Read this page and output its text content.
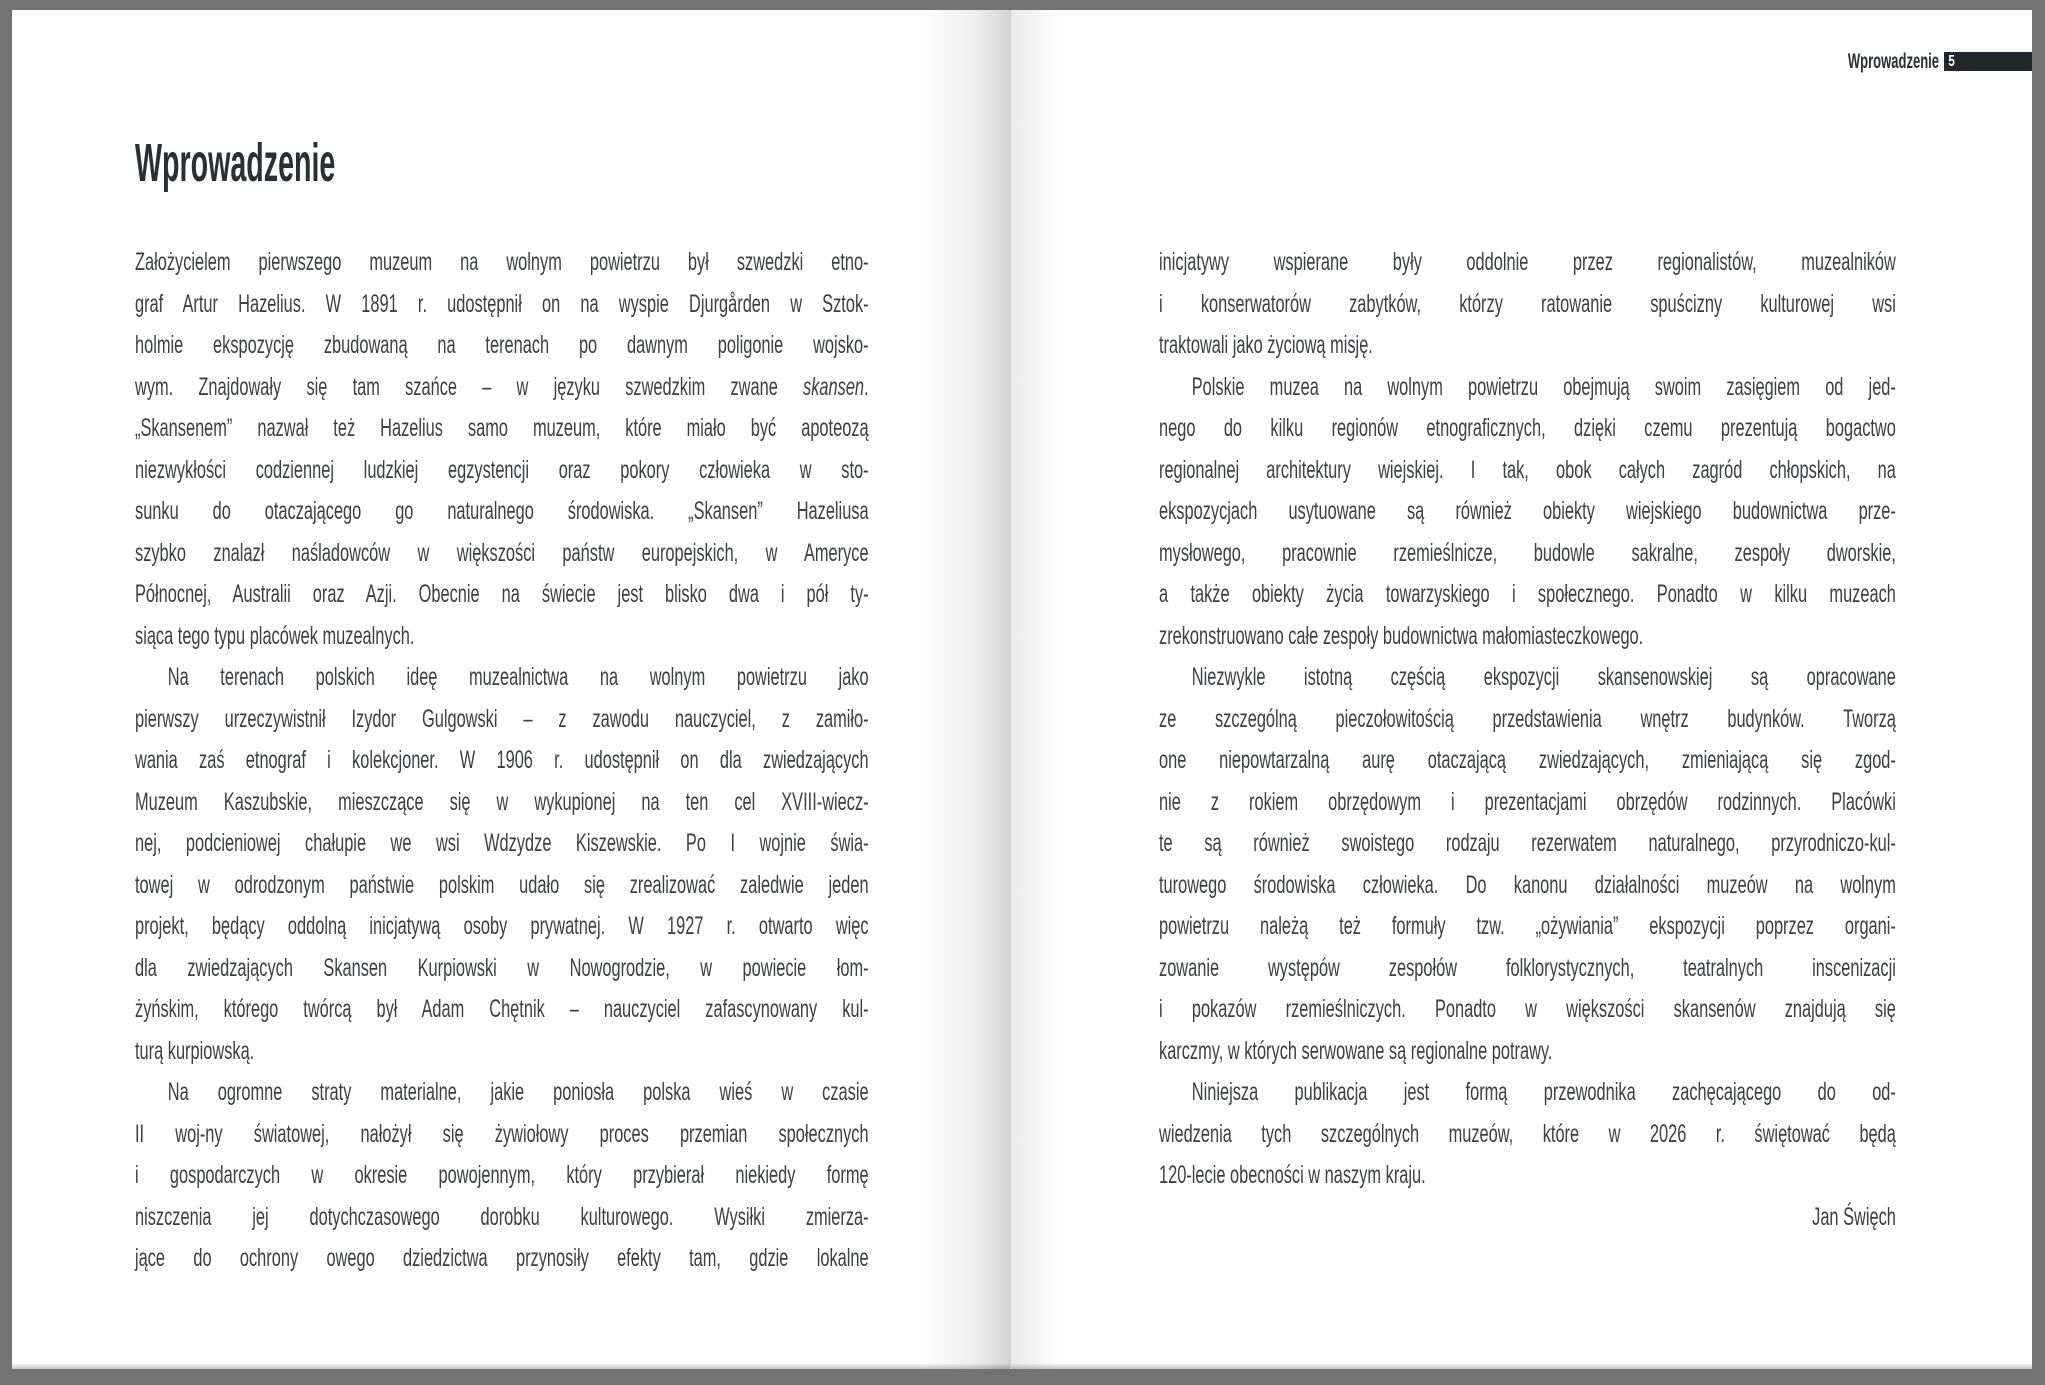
Wprowadzenie
Założycielem pierwszego muzeum na wolnym powietrzu był szwedzki etno-
graf Artur Hazelius. W 1891 r. udostępnił on na wyspie Djurgården w Sztok-
holmie ekspozycję zbudowaną na terenach po dawnym poligonie wojsko-
wym. Znajdowały się tam szańce – w języku szwedzkim zwane skansen.
„Skansenem” nazwał też Hazelius samo muzeum, które miało być apoteozą
niezwykłości codziennej ludzkiej egzystencji oraz pokory człowieka w sto-
sunku do otaczającego go naturalnego środowiska. „Skansen” Hazeliusa
szybko znalazł naśladowców w większości państw europejskich, w Ameryce
Północnej, Australii oraz Azji. Obecnie na świecie jest blisko dwa i pół ty-
siąca tego typu placówek muzealnych.
Na terenach polskich ideę muzealnictwa na wolnym powietrzu jako
pierwszy urzeczywistnił Izydor Gulgowski – z zawodu nauczyciel, z zamiło-
wania zaś etnograf i kolekcjoner. W 1906 r. udostępnił on dla zwiedzających
Muzeum Kaszubskie, mieszczące się w wykupionej na ten cel XVIII-wiecz-
nej, podcieniowej chałupie we wsi Wdzydze Kiszewskie. Po I wojnie świa-
towej w odrodzonym państwie polskim udało się zrealizować zaledwie jeden
projekt, będący oddolną inicjatywą osoby prywatnej. W 1927 r. otwarto więc
dla zwiedzających Skansen Kurpiowski w Nowogrodzie, w powiecie łom-
żyńskim, którego twórcą był Adam Chętnik – nauczyciel zafascynowany kul-
turą kurpiowską.
Na ogromne straty materialne, jakie poniosła polska wieś w czasie
II woj-ny światowej, nałożył się żywiołowy proces przemian społecznych
i gospodarczych w okresie powojennym, który przybierał niekiedy formę
niszczenia jej dotychczasowego dorobku kulturowego. Wysiłki zmierza-
jące do ochrony owego dziedzictwa przynosiły efekty tam, gdzie lokalne
Wprowadzenie 5
inicjatywy wspierane były oddolnie przez regionalistów, muzealników
i konserwatorów zabytków, którzy ratowanie spuścizny kulturowej wsi
traktowali jako życiową misję.
Polskie muzea na wolnym powietrzu obejmują swoim zasięgiem od jed-
nego do kilku regionów etnograficznych, dzięki czemu prezentują bogactwo
regionalnej architektury wiejskiej. I tak, obok całych zagród chłopskich, na
ekspozycjach usytuowane są również obiekty wiejskiego budownictwa prze-
mysłowego, pracownie rzemieślnicze, budowle sakralne, zespoły dworskie,
a także obiekty życia towarzyskiego i społecznego. Ponadto w kilku muzeach
zrekonstruowano całe zespoły budownictwa małomiasteczkowego.
Niezwykle istotną częścią ekspozycji skansenowskiej są opracowane
ze szczególną pieczołowitością przedstawienia wnętrz budynków. Tworzą
one niepowtarzalną aurę otaczającą zwiedzających, zmieniającą się zgod-
nie z rokiem obrzędowym i prezentacjami obrzędów rodzinnych. Placówki
te są również swoistego rodzaju rezerwatem naturalnego, przyrodniczo-kul-
turowego środowiska człowieka. Do kanonu działalności muzeów na wolnym
powietrzu należą też formuły tzw. „ożywiania” ekspozycji poprzez organi-
zowanie występów zespołów folklorystycznych, teatralnych inscenizacji
i pokazów rzemieślniczych. Ponadto w większości skansenów znajdują się
karczmy, w których serwowane są regionalne potrawy.
Niniejsza publikacja jest formą przewodnika zachęcającego do od-
wiedzenia tych szczególnych muzeów, które w 2026 r. świętować będą
120-lecie obecności w naszym kraju.
Jan Święch
